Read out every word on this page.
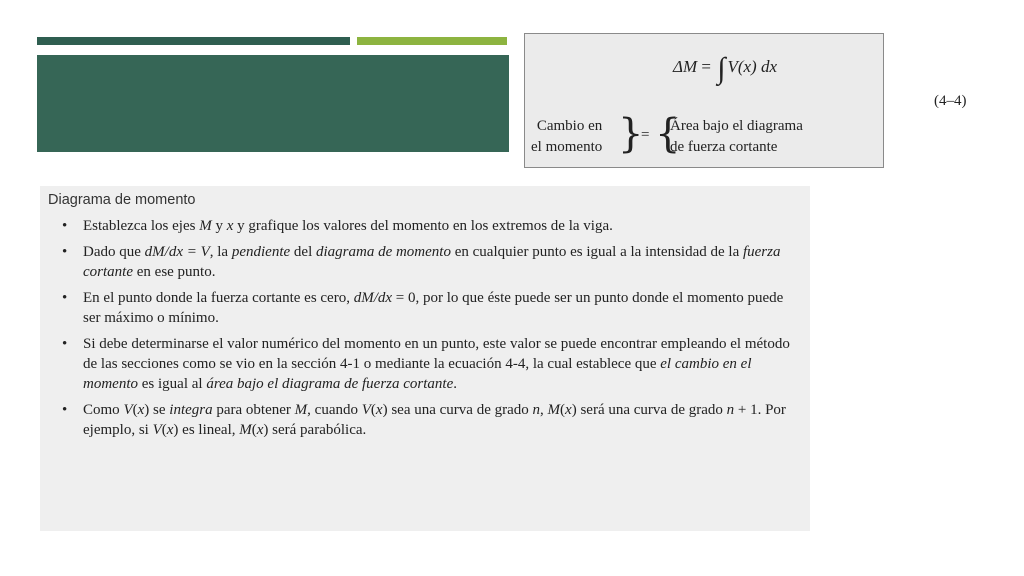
ΔM = ∫ V(x) dx
Cambio en
el momento }
= {
Área bajo el diagrama
de fuerza cortante
(4–4)
Diagrama de momento
• Establezca los ejes M y x y grafique los valores del momento en los extremos de la viga.
• Dado que dM/dx = V, la pendiente del diagrama de momento en cualquier punto es igual a la intensidad de la fuerza cortante en ese punto.
• En el punto donde la fuerza cortante es cero, dM/dx = 0, por lo que éste puede ser un punto donde el momento puede ser máximo o mínimo.
• Si debe determinarse el valor numérico del momento en un punto, este valor se puede encontrar empleando el método de las secciones como se vio en la sección 4-1 o mediante la ecuación 4-4, la cual establece que el cambio en el momento es igual al área bajo el diagrama de fuerza cortante.
• Como V(x) se integra para obtener M, cuando V(x) sea una curva de grado n, M(x) será una curva de grado n + 1. Por ejemplo, si V(x) es lineal, M(x) será parabólica.
